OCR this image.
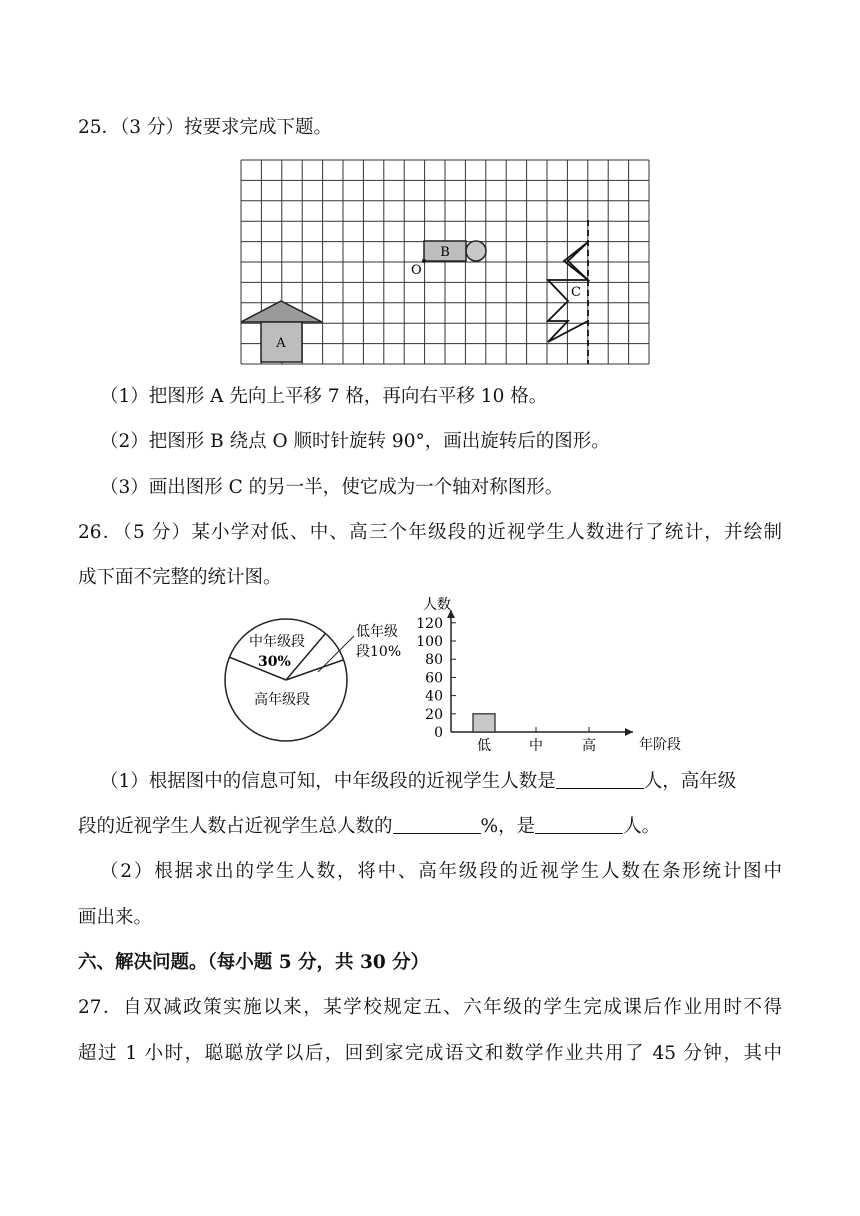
25．（3 分）按要求完成下题。
A
B
O
C
（1）把图形 A 先向上平移 7 格，再向右平移 10 格。
（2）把图形 B 绕点 O 顺时针旋转 90°，画出旋转后的图形。
（3）画出图形 C 的另一半，使它成为一个轴对称图形。
26．（5 分）某小学对低、中、高三个年级段的近视学生人数进行了统计，并绘制
成下面不完整的统计图。
中年级段
30%
低年级
段10%
高年级段
人数
年阶段
0
20
40
60
80
100
120
低	中	高
（1）根据图中的信息可知，中年级段的近视学生人数是	人，高年级
段的近视学生人数占近视学生总人数的	%，是	人。
（2）根据求出的学生人数，将中、高年级段的近视学生人数在条形统计图中
画出来。
六、解决问题。（每小题 5 分，共 30 分）
27．自双减政策实施以来，某学校规定五、六年级的学生完成课后作业用时不得
超过 1 小时，聪聪放学以后，回到家完成语文和数学作业共用了 45 分钟，其中
